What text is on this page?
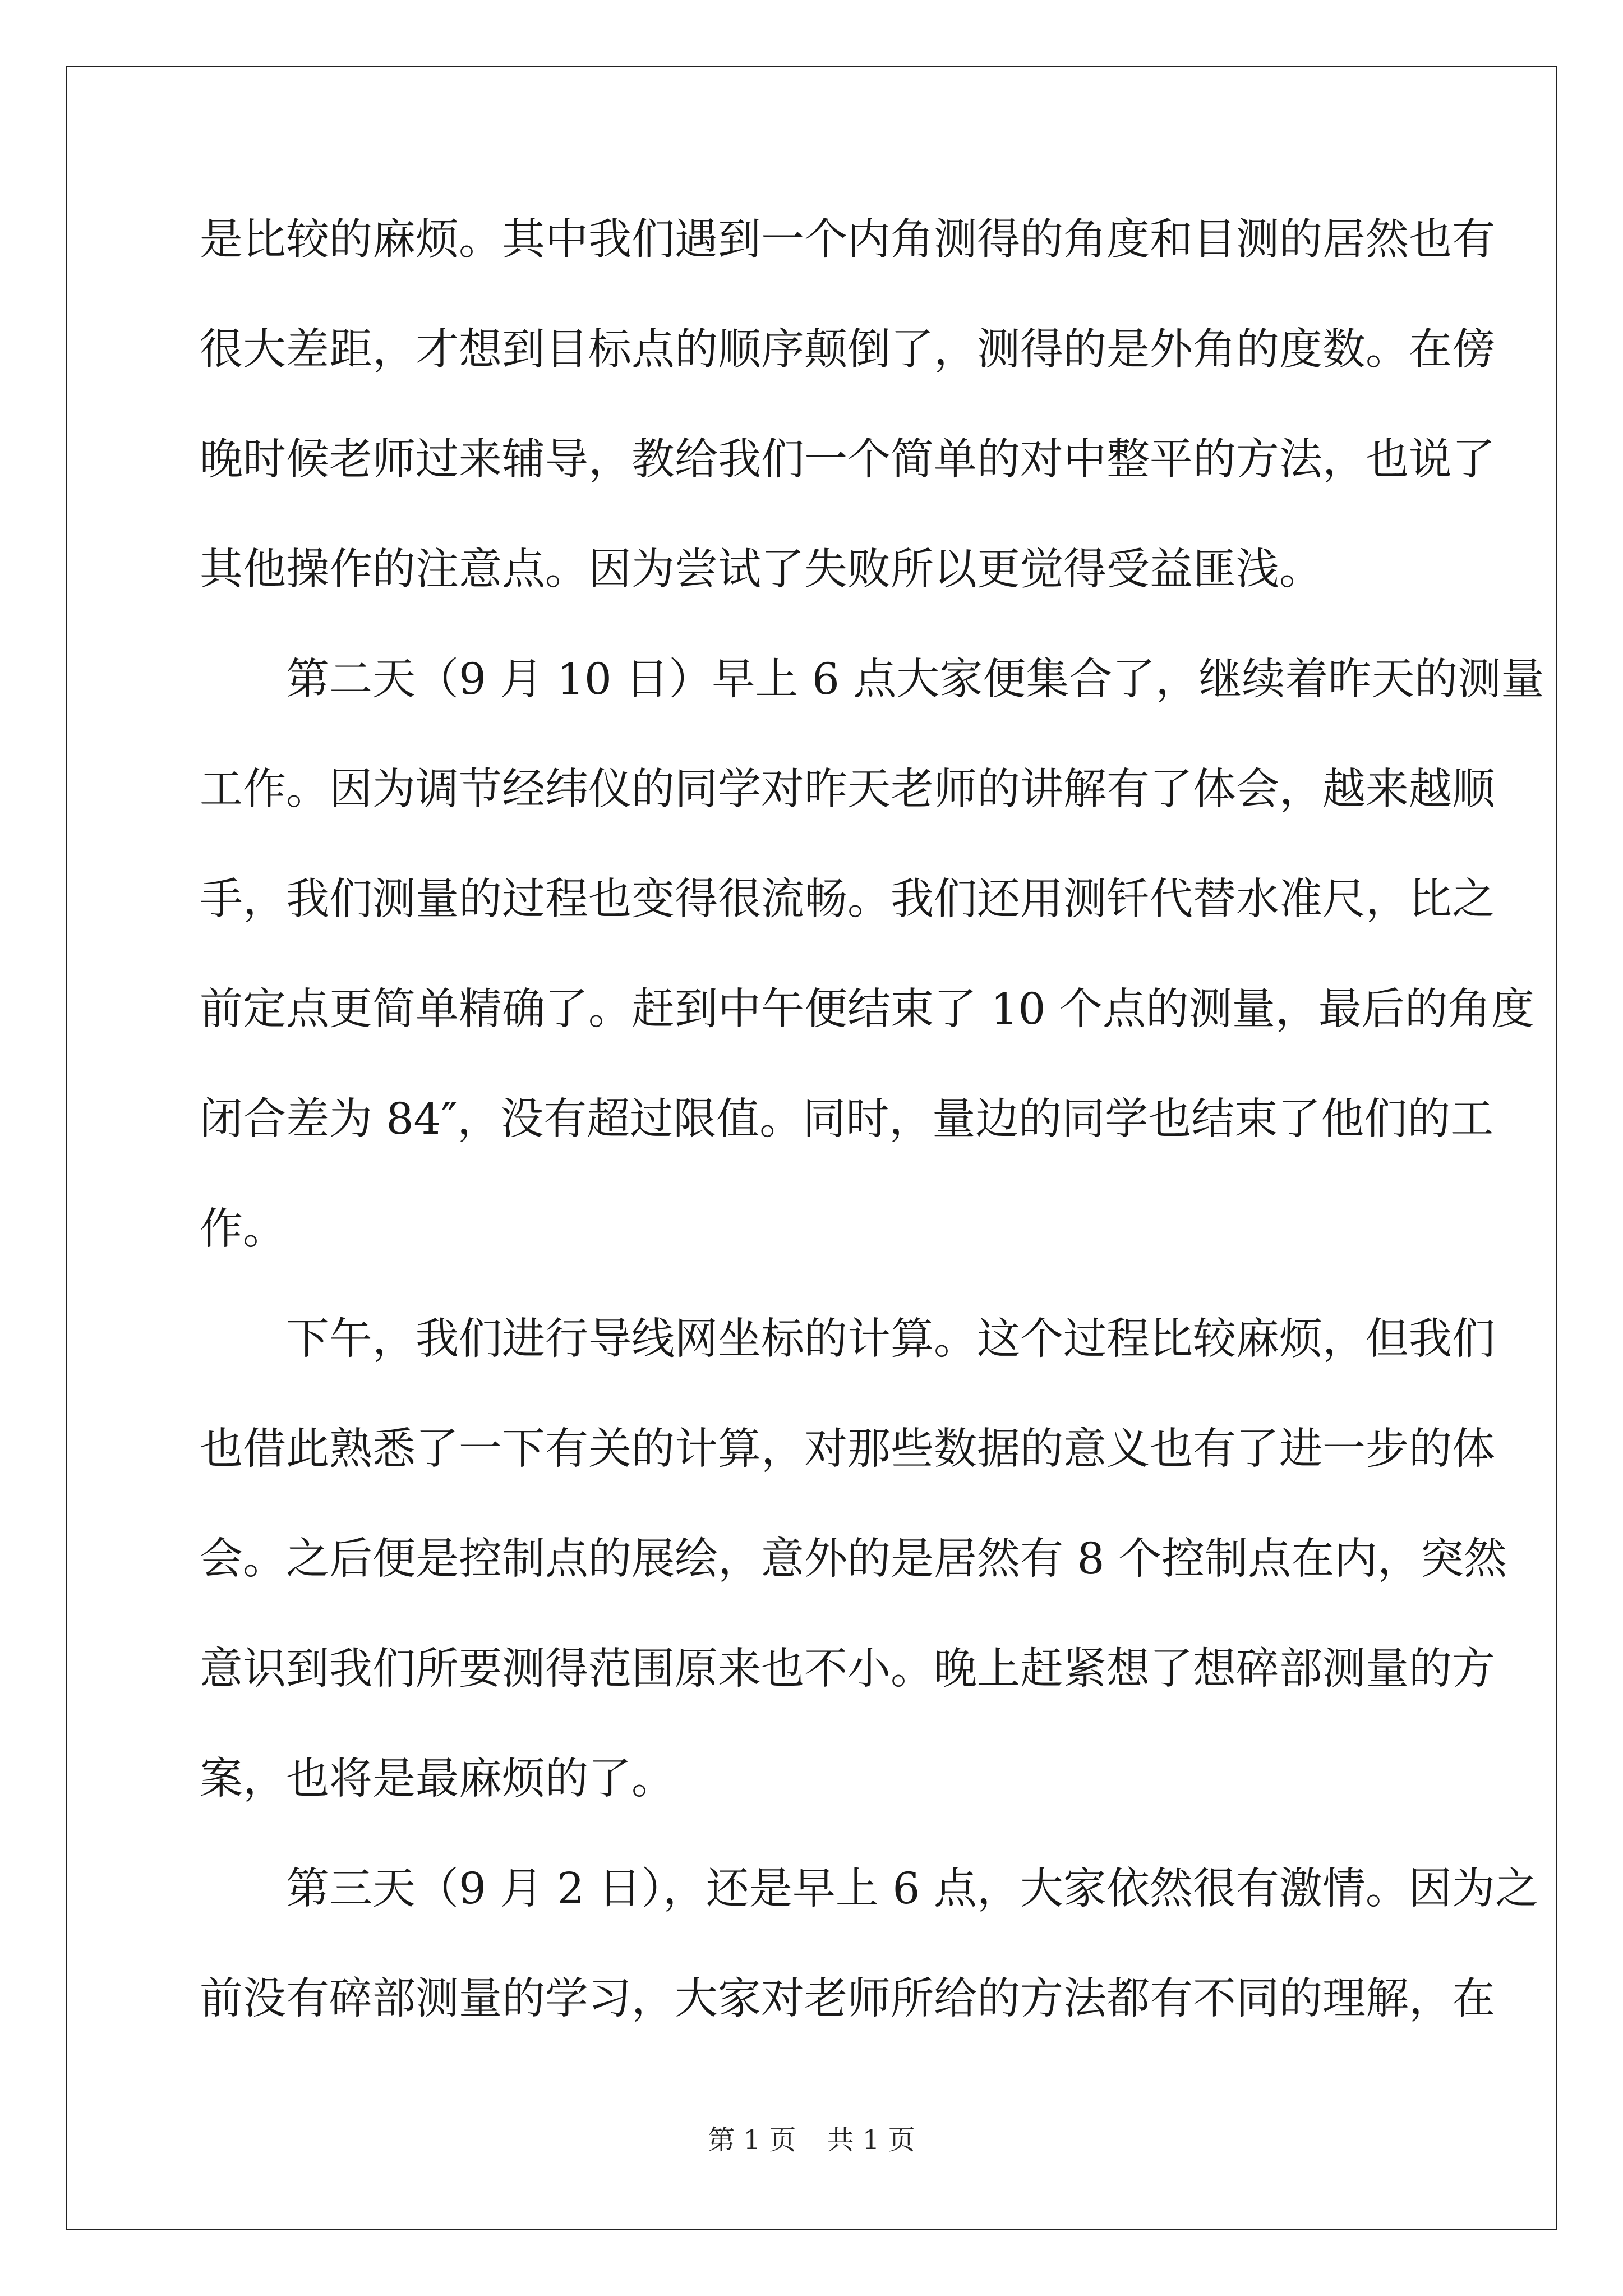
是比较的麻烦。其中我们遇到一个内角测得的角度和目测的居然也有
很大差距，才想到目标点的顺序颠倒了，测得的是外角的度数。在傍
晚时候老师过来辅导，教给我们一个简单的对中整平的方法，也说了
其他操作的注意点。因为尝试了失败所以更觉得受益匪浅。
　　第二天（9 月 10 日）早上 6 点大家便集合了，继续着昨天的测量
工作。因为调节经纬仪的同学对昨天老师的讲解有了体会，越来越顺
手，我们测量的过程也变得很流畅。我们还用测钎代替水准尺，比之
前定点更简单精确了。赶到中午便结束了 10 个点的测量，最后的角度
闭合差为 84″，没有超过限值。同时，量边的同学也结束了他们的工
作。
　　下午，我们进行导线网坐标的计算。这个过程比较麻烦，但我们
也借此熟悉了一下有关的计算，对那些数据的意义也有了进一步的体
会。之后便是控制点的展绘，意外的是居然有 8 个控制点在内，突然
意识到我们所要测得范围原来也不小。晚上赶紧想了想碎部测量的方
案，也将是最麻烦的了。
　　第三天（9 月 2 日），还是早上 6 点，大家依然很有激情。因为之
前没有碎部测量的学习，大家对老师所给的方法都有不同的理解，在
第 1 页 共 1 页
